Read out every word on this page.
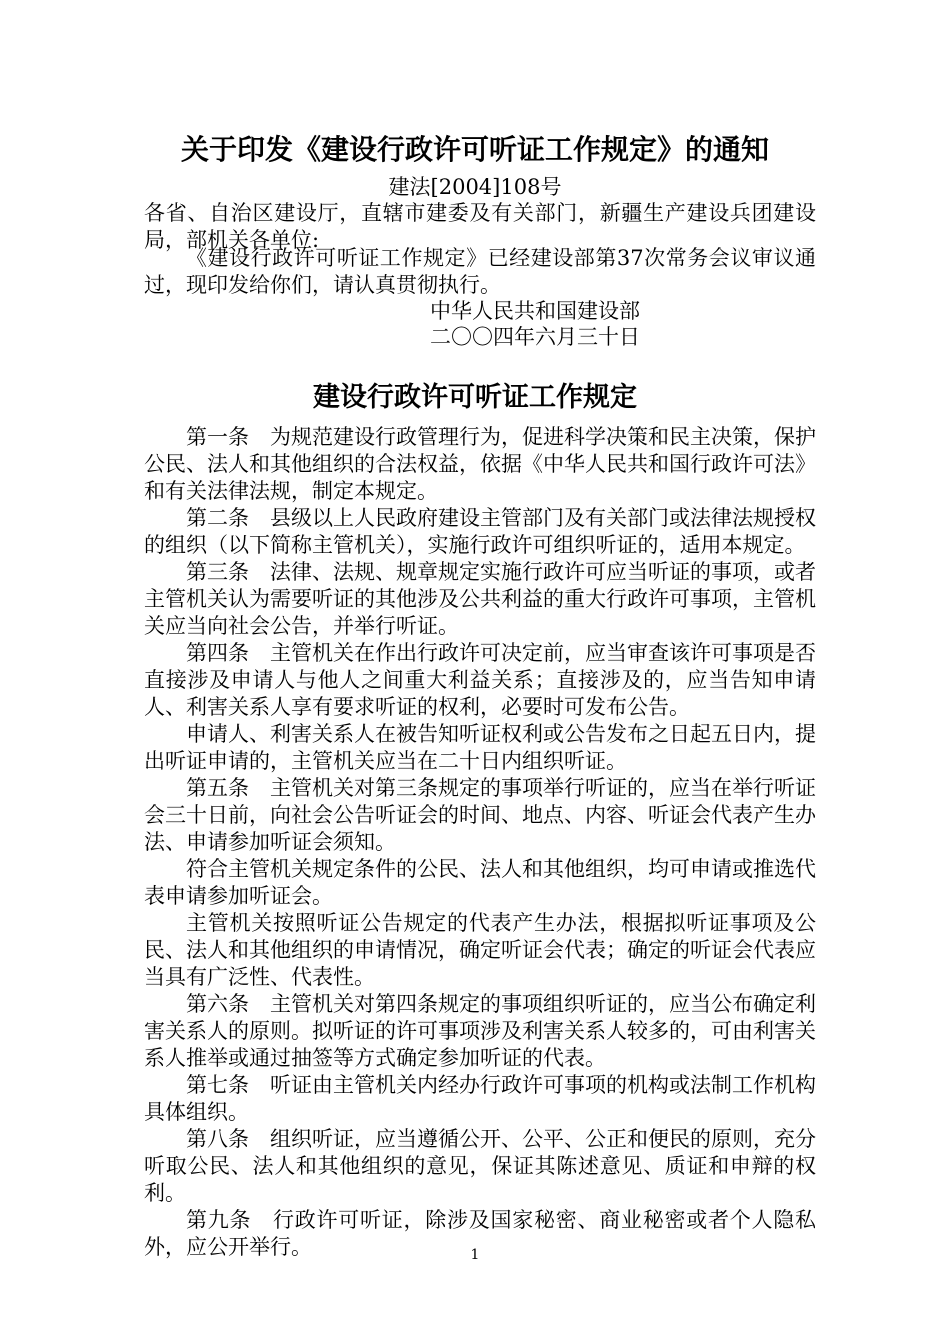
关于印发《建设行政许可听证工作规定》的通知
建法[2004]108号
各省、自治区建设厅，直辖市建委及有关部门，新疆生产建设兵团建设局，部机关各单位:
《建设行政许可听证工作规定》已经建设部第37次常务会议审议通过，现印发给你们，请认真贯彻执行。
中华人民共和国建设部
二〇〇四年六月三十日
建设行政许可听证工作规定

第一条　为规范建设行政管理行为，促进科学决策和民主决策，保护公民、法人和其他组织的合法权益，依据《中华人民共和国行政许可法》和有关法律法规，制定本规定。

第二条　县级以上人民政府建设主管部门及有关部门或法律法规授权的组织（以下简称主管机关），实施行政许可组织听证的，适用本规定。

第三条　法律、法规、规章规定实施行政许可应当听证的事项，或者主管机关认为需要听证的其他涉及公共利益的重大行政许可事项，主管机关应当向社会公告，并举行听证。

第四条　主管机关在作出行政许可决定前，应当审查该许可事项是否直接涉及申请人与他人之间重大利益关系；直接涉及的，应当告知申请人、利害关系人享有要求听证的权利，必要时可发布公告。

申请人、利害关系人在被告知听证权利或公告发布之日起五日内，提出听证申请的，主管机关应当在二十日内组织听证。

第五条　主管机关对第三条规定的事项举行听证的，应当在举行听证会三十日前，向社会公告听证会的时间、地点、内容、听证会代表产生办法、申请参加听证会须知。

符合主管机关规定条件的公民、法人和其他组织，均可申请或推选代表申请参加听证会。

主管机关按照听证公告规定的代表产生办法，根据拟听证事项及公民、法人和其他组织的申请情况，确定听证会代表；确定的听证会代表应当具有广泛性、代表性。

第六条　主管机关对第四条规定的事项组织听证的，应当公布确定利害关系人的原则。拟听证的许可事项涉及利害关系人较多的，可由利害关系人推举或通过抽签等方式确定参加听证的代表。

第七条　听证由主管机关内经办行政许可事项的机构或法制工作机构具体组织。

第八条　组织听证，应当遵循公开、公平、公正和便民的原则，充分听取公民、法人和其他组织的意见，保证其陈述意见、质证和申辩的权利。

第九条　行政许可听证，除涉及国家秘密、商业秘密或者个人隐私外，应公开举行。	1
